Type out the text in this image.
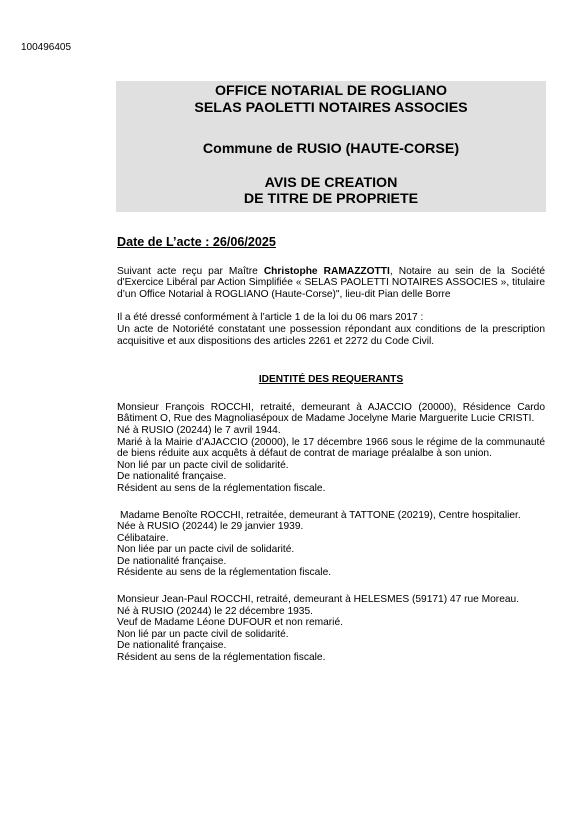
100496405
OFFICE NOTARIAL DE ROGLIANO
SELAS PAOLETTI NOTAIRES ASSOCIES
Commune de RUSIO (HAUTE-CORSE)
AVIS DE CREATION
DE TITRE DE PROPRIETE

Date de L’acte : 26/06/2025

Suivant acte reçu par Maître Christophe RAMAZZOTTI, Notaire au sein de la Société d'Exercice Libéral par Action Simplifiée « SELAS PAOLETTI NOTAIRES ASSOCIES », titulaire d’un Office Notarial à ROGLIANO (Haute-Corse)", lieu-dit Pian delle Borre

Il a été dressé conformément à l’article 1 de la loi du 06 mars 2017 :

Un acte de Notoriété constatant une possession répondant aux conditions de la prescription acquisitive et aux dispositions des articles 2261 et 2272 du Code Civil.

IDENTITÉ DES REQUERANTS

Monsieur François ROCCHI, retraité, demeurant à AJACCIO (20000), Résidence Cardo Bâtiment O, Rue des Magnoliasépoux de Madame Jocelyne Marie Marguerite Lucie CRISTI.

Né à RUSIO (20244) le 7 avril 1944.

Marié à la Mairie d’AJACCIO (20000), le 17 décembre 1966 sous le régime de la communauté de biens réduite aux acquêts à défaut de contrat de mariage préalalbe à son union.

Non lié par un pacte civil de solidarité.

De nationalité française.

Résident au sens de la réglementation fiscale.

Madame Benoîte ROCCHI, retraitée, demeurant à TATTONE (20219), Centre hospitalier.

Née à RUSIO (20244) le 29 janvier 1939.

Célibataire.

Non liée par un pacte civil de solidarité.

De nationalité française.

Résidente au sens de la réglementation fiscale.

Monsieur Jean-Paul ROCCHI, retraité, demeurant à HELESMES (59171) 47 rue Moreau.

Né à RUSIO (20244) le 22 décembre 1935.

Veuf de Madame Léone DUFOUR et non remarié.

Non lié par un pacte civil de solidarité.

De nationalité française.

Résident au sens de la réglementation fiscale.
